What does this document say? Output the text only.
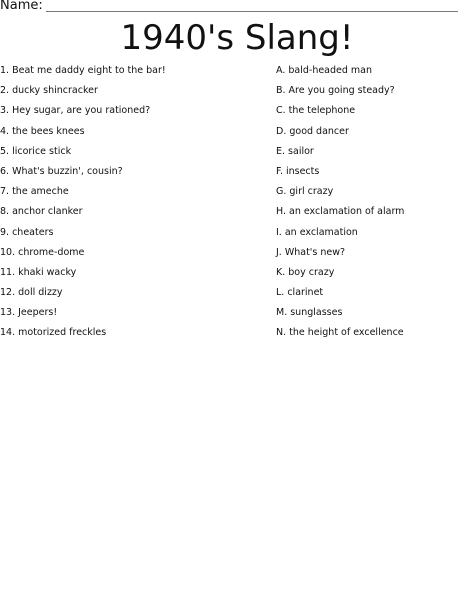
Name:
1940's Slang!
1. Beat me daddy eight to the bar!
2. ducky shincracker
3. Hey sugar, are you rationed?
4. the bees knees
5. licorice stick
6. What's buzzin', cousin?
7. the ameche
8. anchor clanker
9. cheaters
10. chrome-dome
11. khaki wacky
12. doll dizzy
13. Jeepers!
14. motorized freckles
A. bald-headed man
B. Are you going steady?
C. the telephone
D. good dancer
E. sailor
F. insects
G. girl crazy
H. an exclamation of alarm
I. an exclamation
J. What's new?
K. boy crazy
L. clarinet
M. sunglasses
N. the height of excellence
